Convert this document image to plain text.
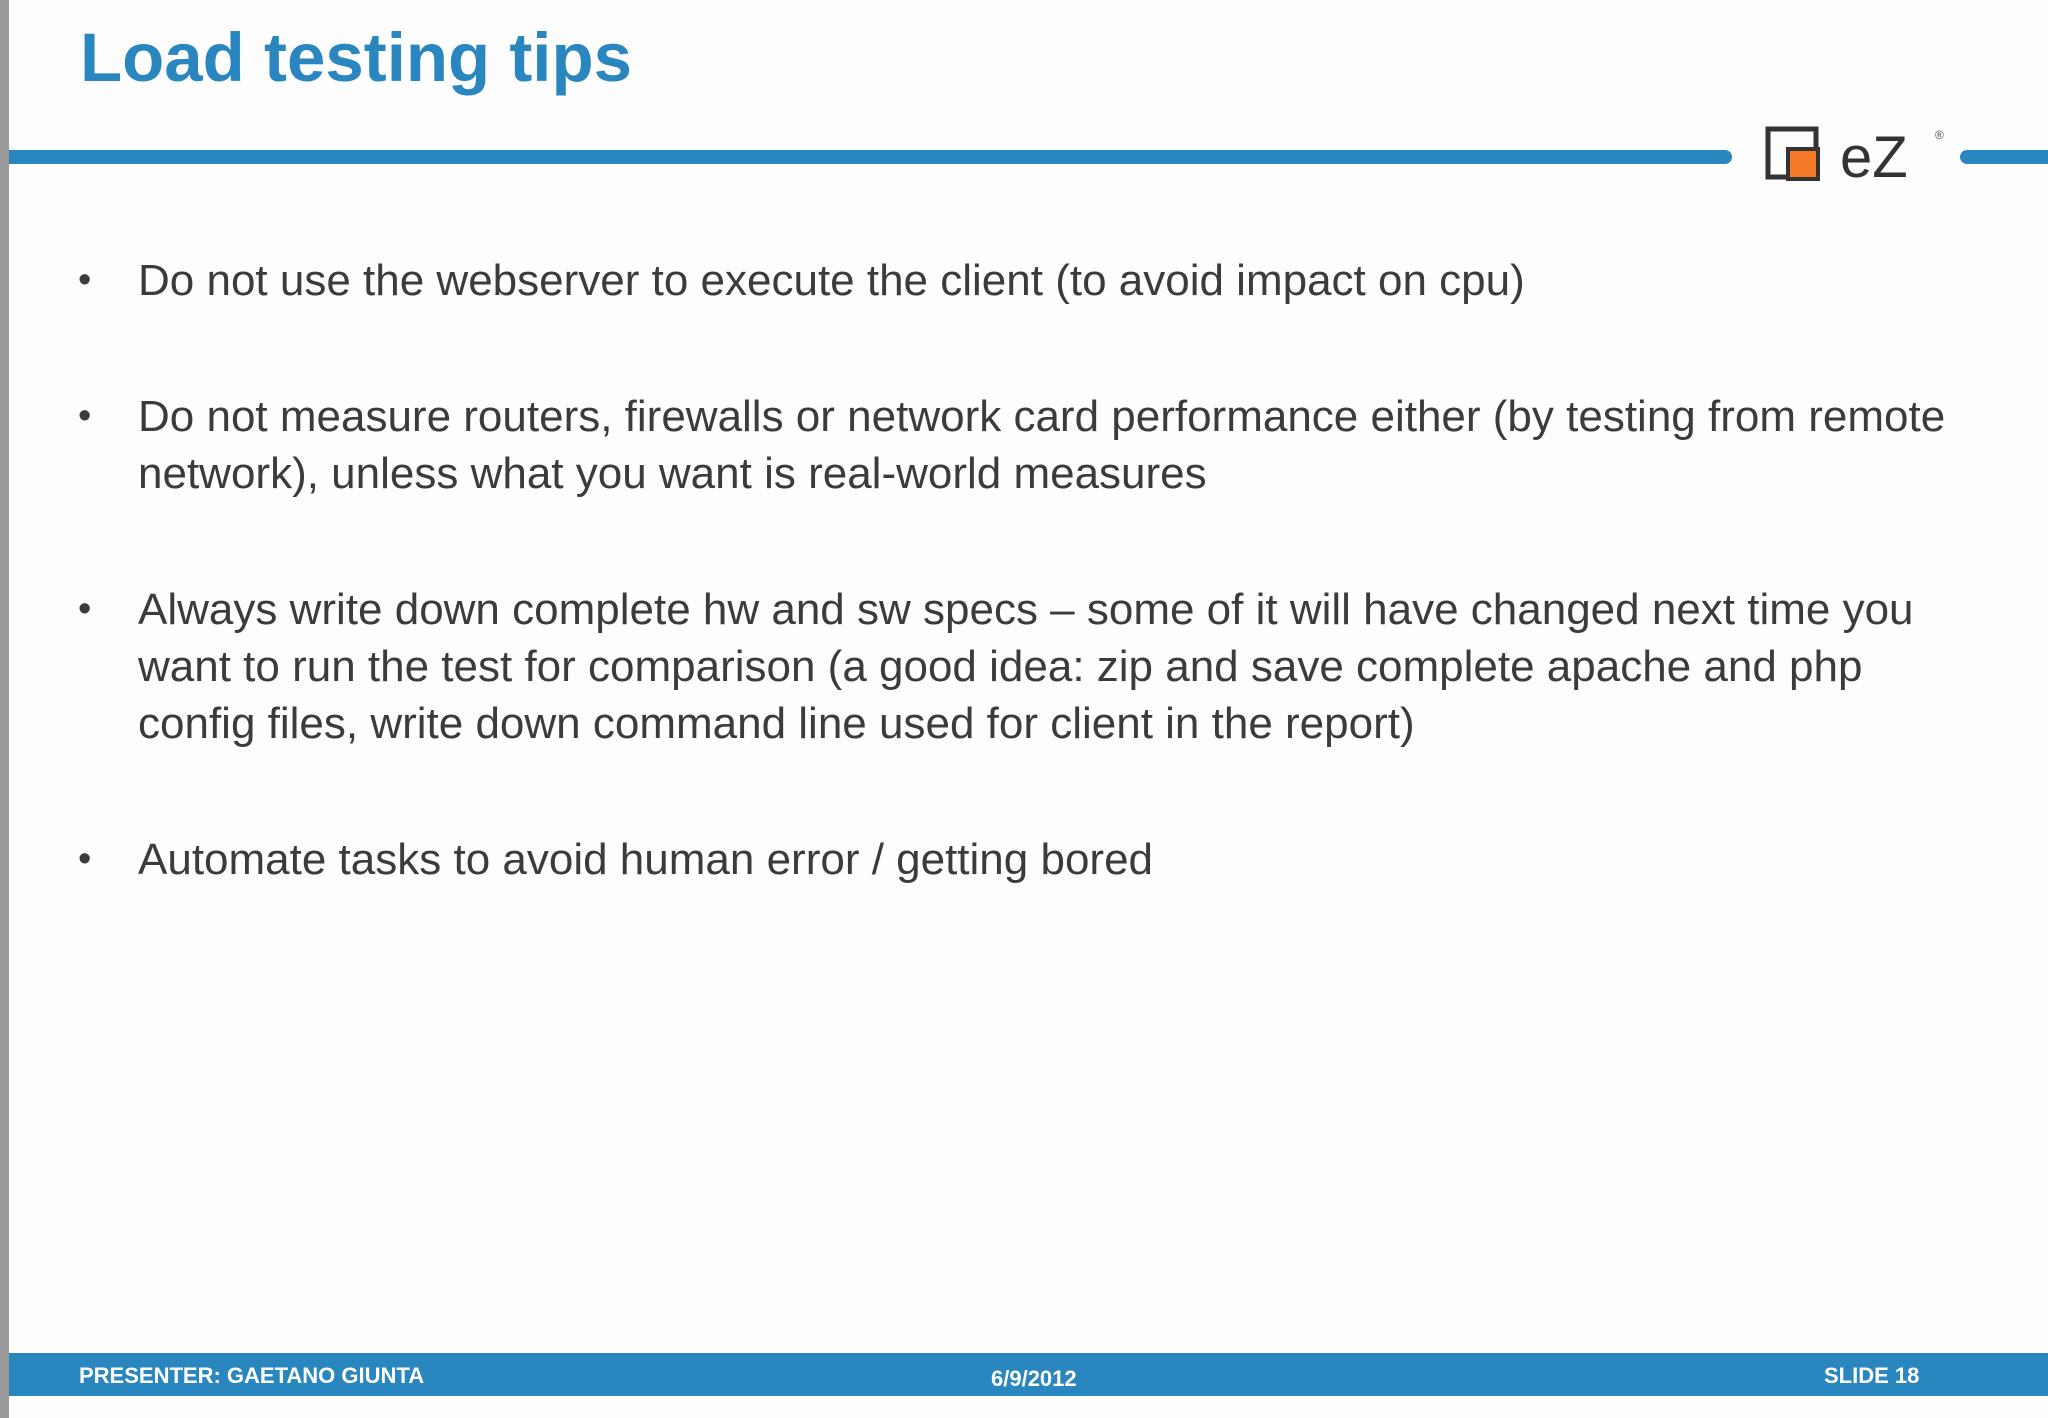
Load testing tips
eZ ®
• Do not use the webserver to execute the client (to avoid impact on cpu)
• Do not measure routers, firewalls or network card performance either (by testing from remote network), unless what you want is real-world measures
• Always write down complete hw and sw specs – some of it will have changed next time you want to run the test for comparison (a good idea: zip and save complete apache and php config files, write down command line used for client in the report)
• Automate tasks to avoid human error / getting bored
PRESENTER: GAETANO GIUNTA	6/9/2012	SLIDE 18
